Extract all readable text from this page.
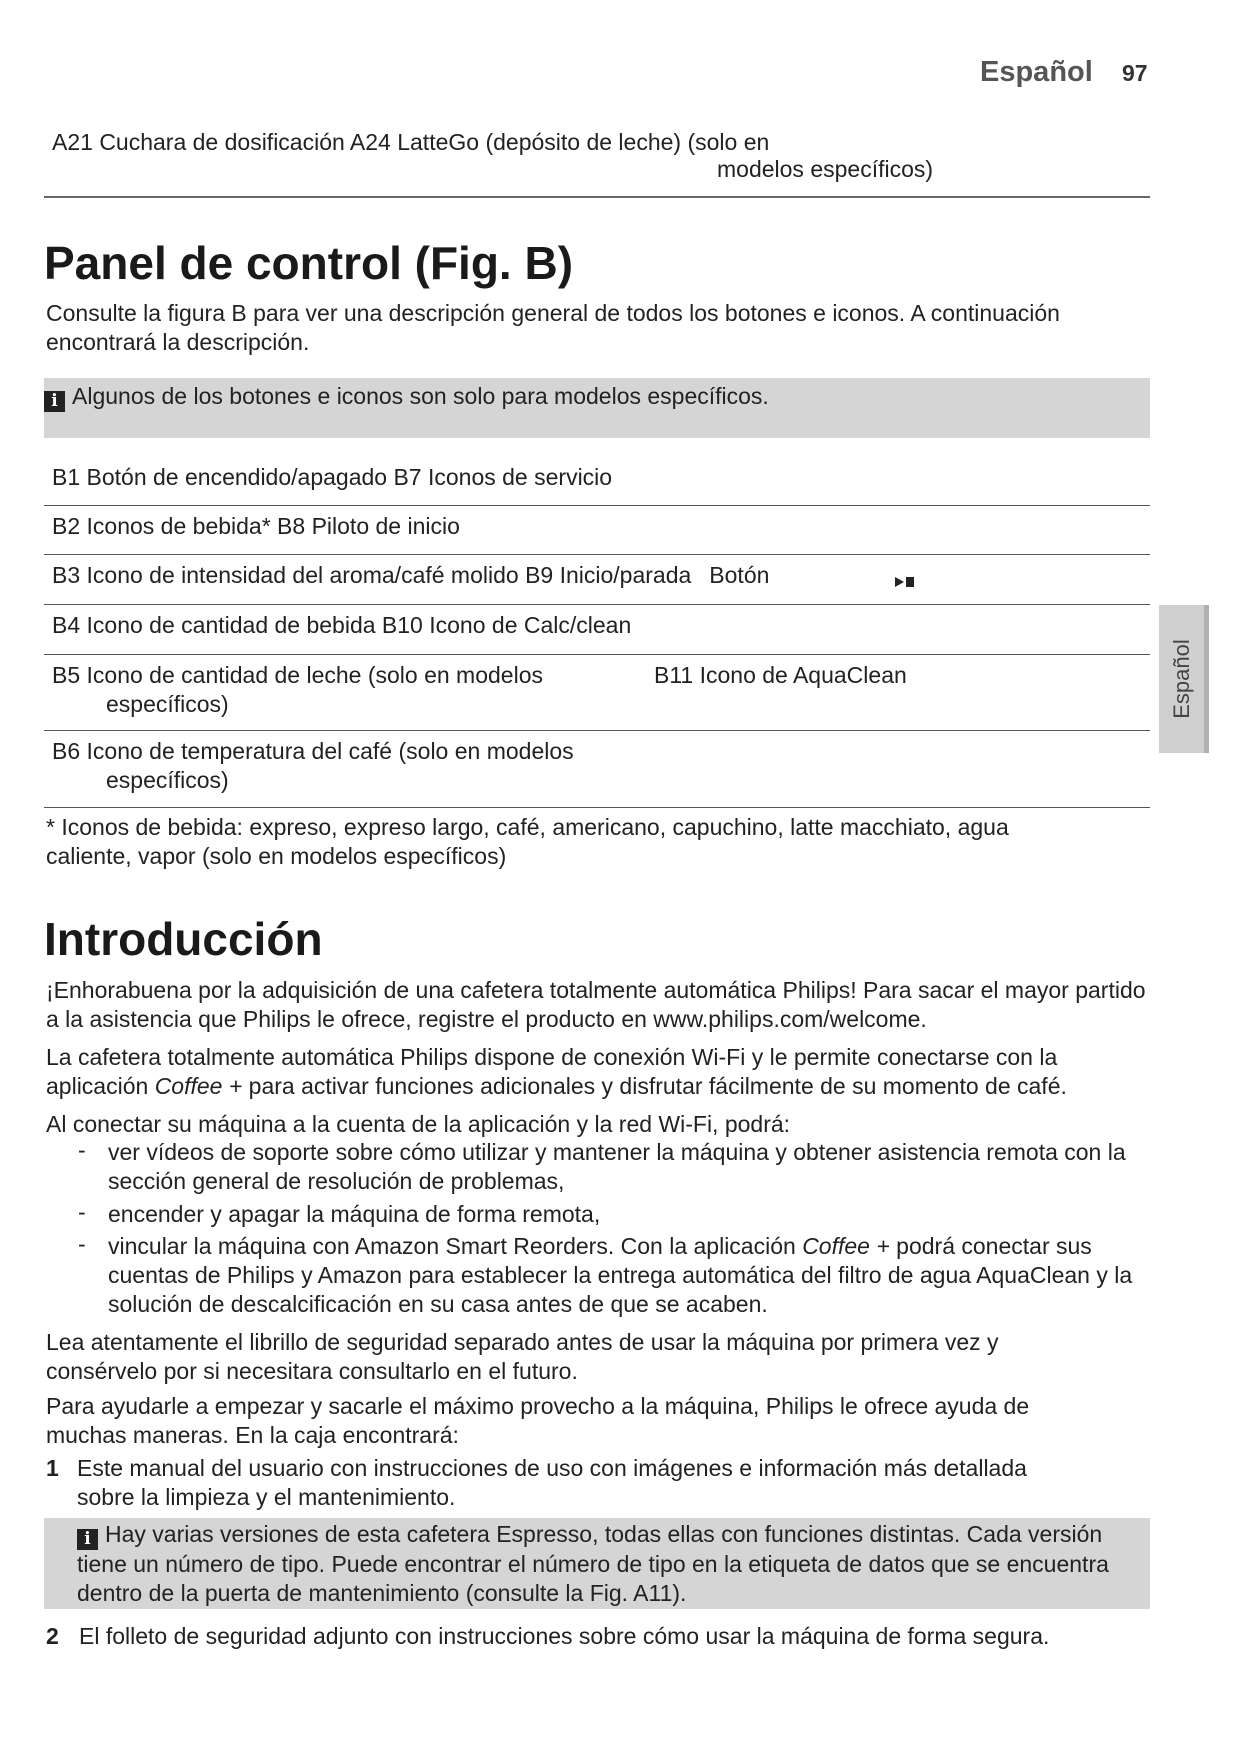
Español 97
A21 Cuchara de dosificación A24 LatteGo (depósito de leche) (solo en
modelos específicos)
Panel de control (Fig. B)
Consulte la figura B para ver una descripción general de todos los botones e iconos. A continuación encontrará la descripción.
i Algunos de los botones e iconos son solo para modelos específicos.
B1 Botón de encendido/apagado B7 Iconos de servicio
B2 Iconos de bebida* B8 Piloto de inicio
B3 Icono de intensidad del aroma/café molido B9 Inicio/parada Botón
B4 Icono de cantidad de bebida B10 Icono de Calc/clean
B5 Icono de cantidad de leche (solo en modelos
específicos)
B11 Icono de AquaClean
B6 Icono de temperatura del café (solo en modelos
específicos)
* Iconos de bebida: expreso, expreso largo, café, americano, capuchino, latte macchiato, agua caliente, vapor (solo en modelos específicos)
Español
Introducción
¡Enhorabuena por la adquisición de una cafetera totalmente automática Philips! Para sacar el mayor partido a la asistencia que Philips le ofrece, registre el producto en www.philips.com/welcome.
La cafetera totalmente automática Philips dispone de conexión Wi-Fi y le permite conectarse con la aplicación Coffee + para activar funciones adicionales y disfrutar fácilmente de su momento de café.
Al conectar su máquina a la cuenta de la aplicación y la red Wi-Fi, podrá:
- ver vídeos de soporte sobre cómo utilizar y mantener la máquina y obtener asistencia remota con la sección general de resolución de problemas,
- encender y apagar la máquina de forma remota,
- vincular la máquina con Amazon Smart Reorders. Con la aplicación Coffee + podrá conectar sus cuentas de Philips y Amazon para establecer la entrega automática del filtro de agua AquaClean y la solución de descalcificación en su casa antes de que se acaben.
Lea atentamente el librillo de seguridad separado antes de usar la máquina por primera vez y consérvelo por si necesitara consultarlo en el futuro.
Para ayudarle a empezar y sacarle el máximo provecho a la máquina, Philips le ofrece ayuda de muchas maneras. En la caja encontrará:
1 Este manual del usuario con instrucciones de uso con imágenes e información más detallada sobre la limpieza y el mantenimiento.
i Hay varias versiones de esta cafetera Espresso, todas ellas con funciones distintas. Cada versión tiene un número de tipo. Puede encontrar el número de tipo en la etiqueta de datos que se encuentra dentro de la puerta de mantenimiento (consulte la Fig. A11).
2 El folleto de seguridad adjunto con instrucciones sobre cómo usar la máquina de forma segura.
